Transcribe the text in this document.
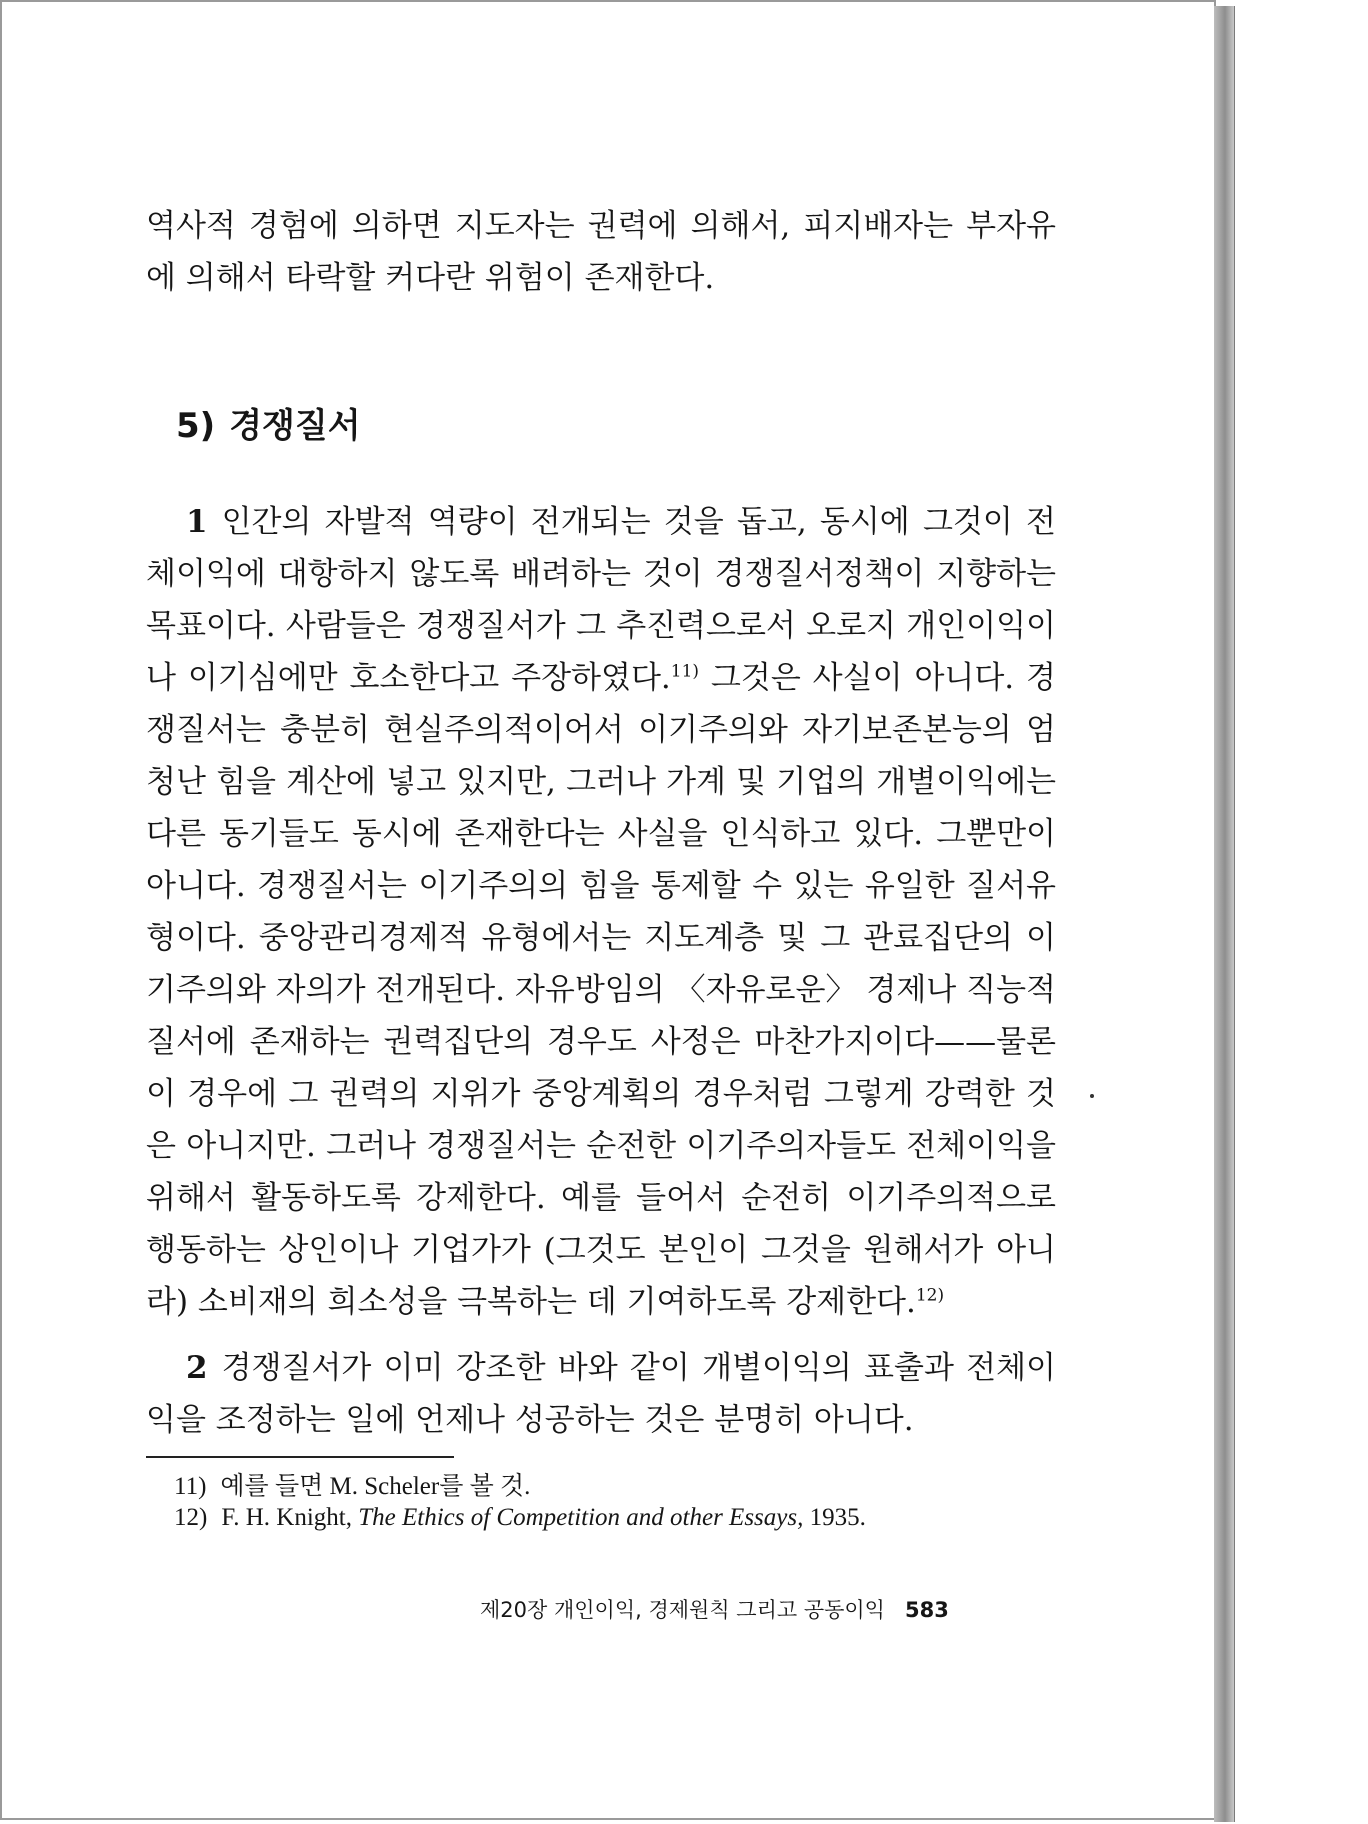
역사적 경험에 의하면 지도자는 권력에 의해서, 피지배자는 부자유에 의해서 타락할 커다란 위험이 존재한다.

5) 경쟁질서

1 인간의 자발적 역량이 전개되는 것을 돕고, 동시에 그것이 전체이익에 대항하지 않도록 배려하는 것이 경쟁질서정책이 지향하는 목표이다. 사람들은 경쟁질서가 그 추진력으로서 오로지 개인이익이나 이기심에만 호소한다고 주장하였다.$^{11)}$ 그것은 사실이 아니다. 경쟁질서는 충분히 현실주의적이어서 이기주의와 자기보존본능의 엄청난 힘을 계산에 넣고 있지만, 그러나 가계 및 기업의 개별이익에는 다른 동기들도 동시에 존재한다는 사실을 인식하고 있다. 그뿐만이 아니다. 경쟁질서는 이기주의의 힘을 통제할 수 있는 유일한 질서유형이다. 중앙관리경제적 유형에서는 지도계층 및 그 관료집단의 이기주의와 자의가 전개된다. 자유방임의 〈자유로운〉 경제나 직능적 질서에 존재하는 권력집단의 경우도 사정은 마찬가지이다——물론 이 경우에 그 권력의 지위가 중앙계획의 경우처럼 그렇게 강력한 것은 아니지만. 그러나 경쟁질서는 순전한 이기주의자들도 전체이익을 위해서 활동하도록 강제한다. 예를 들어서 순전히 이기주의적으로 행동하는 상인이나 기업가가 (그것도 본인이 그것을 원해서가 아니라) 소비재의 희소성을 극복하는 데 기여하도록 강제한다.$^{12)}$

2 경쟁질서가 이미 강조한 바와 같이 개별이익의 표출과 전체이익을 조정하는 일에 언제나 성공하는 것은 분명히 아니다.

11) 예를 들면 M. Scheler를 볼 것.

12) F. H. Knight, The Ethics of Competition and other Essays, 1935.

제20장 개인이익, 경제원칙 그리고 공동이익 583
